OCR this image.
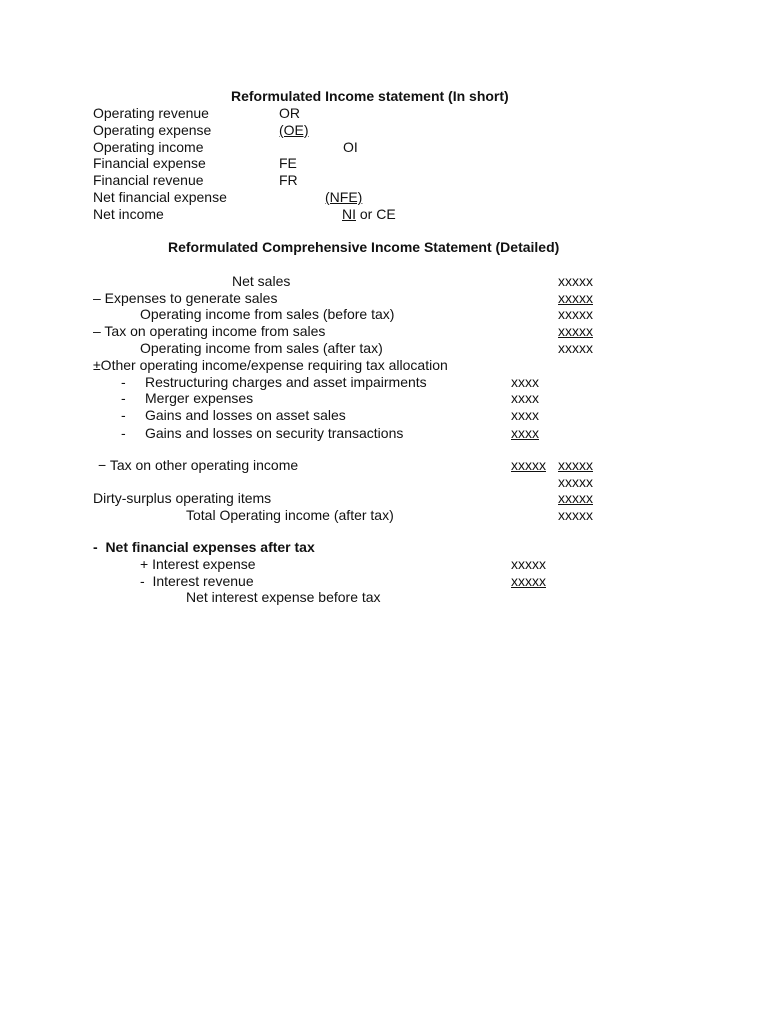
Reformulated Income statement (In short)
Operating revenue	OR
Operating expense	(OE)
Operating income	OI
Financial expense	FE
Financial revenue	FR
Net financial expense	(NFE)
Net income	NI or CE
Reformulated Comprehensive Income Statement (Detailed)
Net sales	xxxxx
– Expenses to generate sales	xxxxx
Operating income from sales (before tax)	xxxxx
– Tax on operating income from sales	xxxxx
Operating income from sales (after tax)	xxxxx
±Other operating income/expense requiring tax allocation
- Restructuring charges and asset impairments	xxxx
- Merger expenses	xxxx
- Gains and losses on asset sales	xxxx
- Gains and losses on security transactions	xxxx
− Tax on other operating income	xxxxx xxxxx
xxxxx
Dirty-surplus operating items	xxxxx
Total Operating income (after tax)	xxxxx
-  Net financial expenses after tax
+ Interest expense	xxxxx
-  Interest revenue	xxxxx
Net interest expense before tax
